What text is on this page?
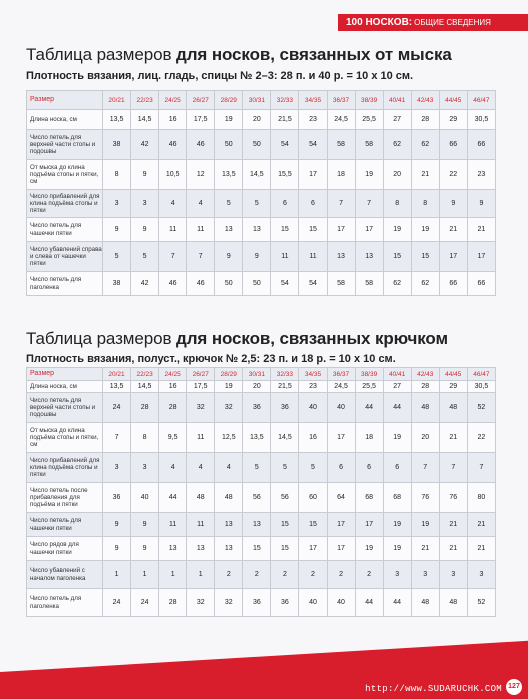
100 НОСКОВ: ОБЩИЕ СВЕДЕНИЯ
Таблица размеров для носков, связанных от мыска
Плотность вязания, лиц. гладь, спицы № 2–3: 28 п. и 40 р. = 10 х 10 см.
Размер	20/21	22/23	24/25	26/27	28/29	30/31	32/33	34/35	36/37	38/39	40/41	42/43	44/45	46/47
Длина носка, см	13,5	14,5	16	17,5	19	20	21,5	23	24,5	25,5	27	28	29	30,5
Число петель для верхней части стопы и подошвы	38	42	46	46	50	50	54	54	58	58	62	62	66	66
От мыска до клина подъёма стопы и пятки, см	8	9	10,5	12	13,5	14,5	15,5	17	18	19	20	21	22	23
Число прибавлений для клина подъёма стопы и пятки	3	3	4	4	5	5	6	6	7	7	8	8	9	9
Число петель для чашечки пятки	9	9	11	11	13	13	15	15	17	17	19	19	21	21
Число убавлений справа и слева от чашечки пятки	5	5	7	7	9	9	11	11	13	13	15	15	17	17
Число петель для паголенка	38	42	46	46	50	50	54	54	58	58	62	62	66	66
Таблица размеров для носков, связанных крючком
Плотность вязания, полуст., крючок № 2,5: 23 п. и 18 р. = 10 х 10 см.
Размер	20/21	22/23	24/25	26/27	28/29	30/31	32/33	34/35	36/37	38/39	40/41	42/43	44/45	46/47
Длина носка, см	13,5	14,5	16	17,5	19	20	21,5	23	24,5	25,5	27	28	29	30,5
Число петель для верхней части стопы и подошвы	24	28	28	32	32	36	36	40	40	44	44	48	48	52
От мыска до клина подъёма стопы и пятки, см	7	8	9,5	11	12,5	13,5	14,5	16	17	18	19	20	21	22
Число прибавлений для клина подъёма стопы и пятки	3	3	4	4	4	5	5	5	6	6	6	7	7	7
Число петель после прибавления для подъёма и пятки	36	40	44	48	48	56	56	60	64	68	68	76	76	80
Число петель для чашечки пятки	9	9	11	11	13	13	15	15	17	17	19	19	21	21
Число рядов для чашечки пятки	9	9	13	13	13	15	15	17	17	19	19	21	21	21
Число убавлений с началом паголенка	1	1	1	1	2	2	2	2	2	2	3	3	3	3
Число петель для паголенка	24	24	28	32	32	36	36	40	40	44	44	48	48	52
http://www.SUDARUCHK.COM 127
